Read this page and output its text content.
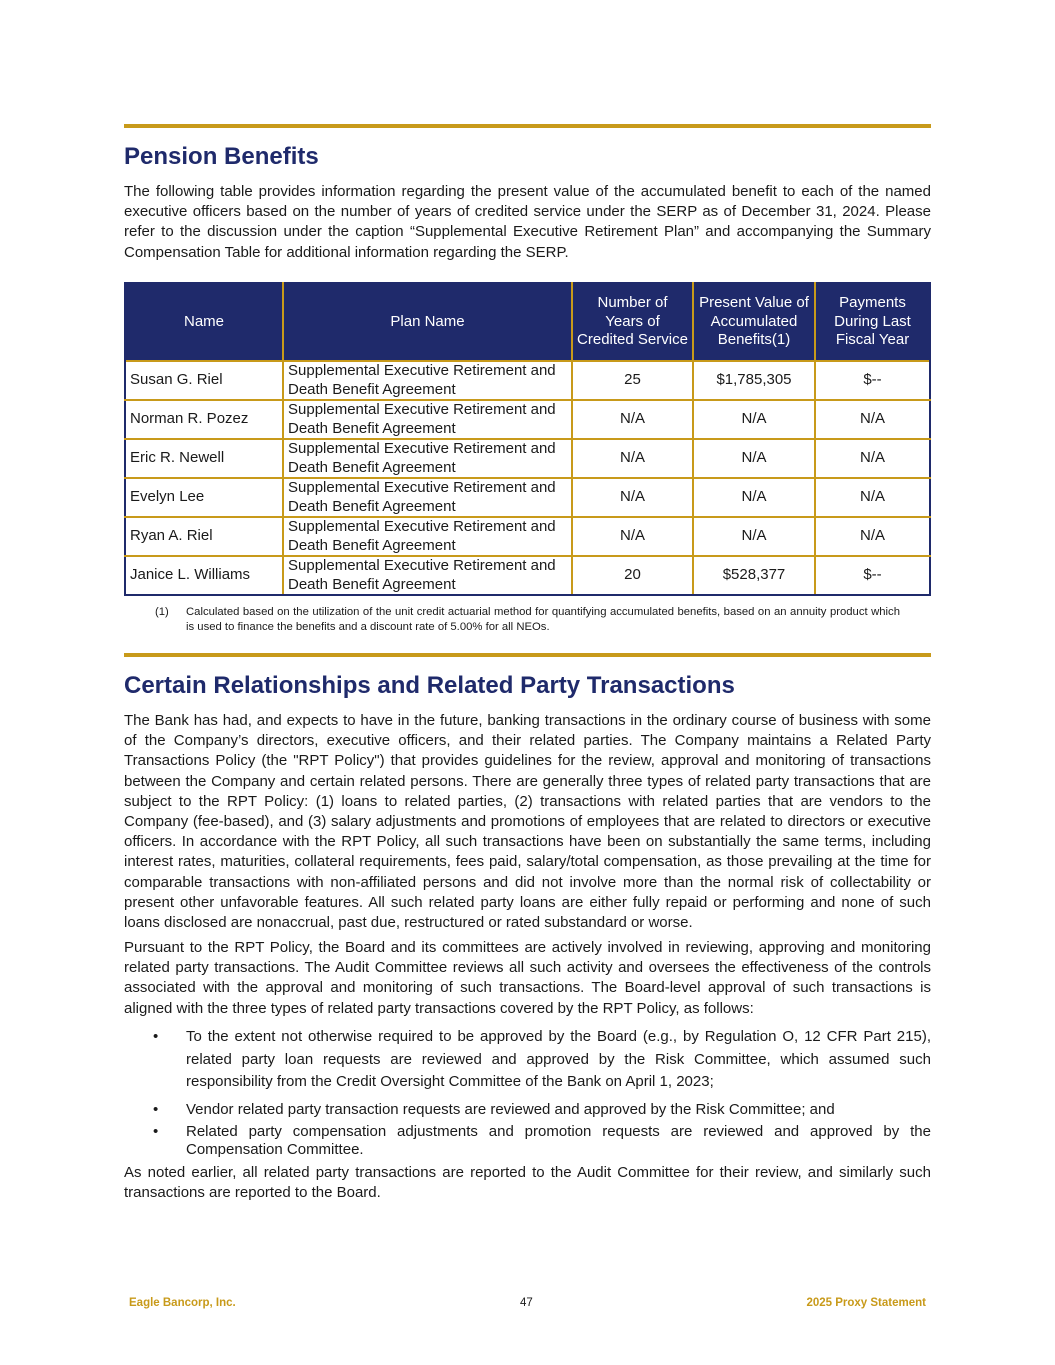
Pension Benefits

The following table provides information regarding the present value of the accumulated benefit to each of the named executive officers based on the number of years of credited service under the SERP as of December 31, 2024. Please refer to the discussion under the caption “Supplemental Executive Retirement Plan” and accompanying the Summary Compensation Table for additional information regarding the SERP.

Name	Plan Name	Number of Years of Credited Service	Present Value of Accumulated Benefits(1)	Payments During Last Fiscal Year
Susan G. Riel	Supplemental Executive Retirement and Death Benefit Agreement	25	$1,785,305	$--
Norman R. Pozez	Supplemental Executive Retirement and Death Benefit Agreement	N/A	N/A	N/A
Eric R. Newell	Supplemental Executive Retirement and Death Benefit Agreement	N/A	N/A	N/A
Evelyn Lee	Supplemental Executive Retirement and Death Benefit Agreement	N/A	N/A	N/A
Ryan A. Riel	Supplemental Executive Retirement and Death Benefit Agreement	N/A	N/A	N/A
Janice L. Williams	Supplemental Executive Retirement and Death Benefit Agreement	20	$528,377	$--
(1)	Calculated based on the utilization of the unit credit actuarial method for quantifying accumulated benefits, based on an annuity product which is used to finance the benefits and a discount rate of 5.00% for all NEOs.
Certain Relationships and Related Party Transactions

The Bank has had, and expects to have in the future, banking transactions in the ordinary course of business with some of the Company’s directors, executive officers, and their related parties. The Company maintains a Related Party Transactions Policy (the "RPT Policy") that provides guidelines for the review, approval and monitoring of transactions between the Company and certain related persons. There are generally three types of related party transactions that are subject to the RPT Policy: (1) loans to related parties, (2) transactions with related parties that are vendors to the Company (fee-based), and (3) salary adjustments and promotions of employees that are related to directors or executive officers. In accordance with the RPT Policy, all such transactions have been on substantially the same terms, including interest rates, maturities, collateral requirements, fees paid, salary/total compensation, as those prevailing at the time for comparable transactions with non-affiliated persons and did not involve more than the normal risk of collectability or present other unfavorable features. All such related party loans are either fully repaid or performing and none of such loans disclosed are nonaccrual, past due, restructured or rated substandard or worse.

Pursuant to the RPT Policy, the Board and its committees are actively involved in reviewing, approving and monitoring related party transactions. The Audit Committee reviews all such activity and oversees the effectiveness of the controls associated with the approval and monitoring of such transactions. The Board-level approval of such transactions is aligned with the three types of related party transactions covered by the RPT Policy, as follows:

•	To the extent not otherwise required to be approved by the Board (e.g., by Regulation O, 12 CFR Part 215), related party loan requests are reviewed and approved by the Risk Committee, which assumed such responsibility from the Credit Oversight Committee of the Bank on April 1, 2023;
•	Vendor related party transaction requests are reviewed and approved by the Risk Committee; and
•	Related party compensation adjustments and promotion requests are reviewed and approved by the Compensation Committee.

As noted earlier, all related party transactions are reported to the Audit Committee for their review, and similarly such transactions are reported to the Board.

Eagle Bancorp, Inc.	47	2025 Proxy Statement
